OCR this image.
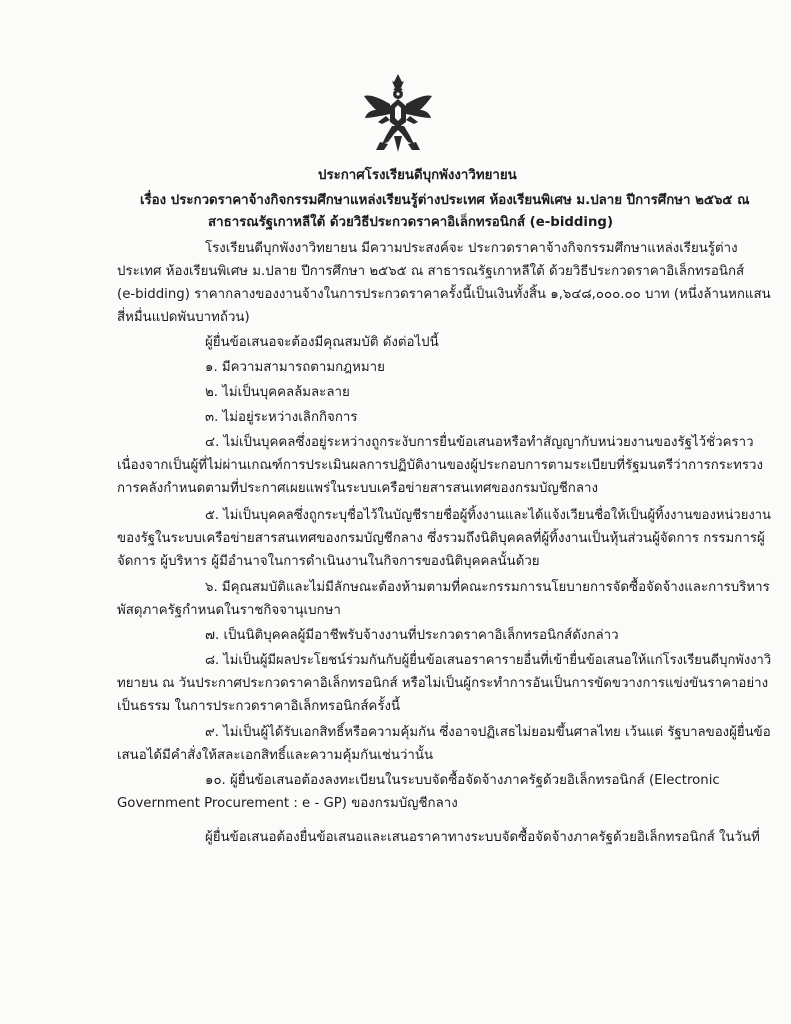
ประกาศโรงเรียนดีบุกพังงาวิทยายน
เรื่อง ประกวดราคาจ้างกิจกรรมศึกษาแหล่งเรียนรู้ต่างประเทศ ห้องเรียนพิเศษ ม.ปลาย ปีการศึกษา ๒๕๖๕ ณ
สาธารณรัฐเกาหลีใต้ ด้วยวิธีประกวดราคาอิเล็กทรอนิกส์ (e-bidding)
โรงเรียนดีบุกพังงาวิทยายน มีความประสงค์จะ ประกวดราคาจ้างกิจกรรมศึกษาแหล่งเรียนรู้ต่าง
ประเทศ ห้องเรียนพิเศษ ม.ปลาย ปีการศึกษา ๒๕๖๕ ณ สาธารณรัฐเกาหลีใต้ ด้วยวิธีประกวดราคาอิเล็กทรอนิกส์
(e-bidding) ราคากลางของงานจ้างในการประกวดราคาครั้งนี้เป็นเงินทั้งสิ้น ๑,๖๔๘,๐๐๐.๐๐ บาท (หนึ่งล้านหกแสน
สี่หมื่นแปดพันบาทถ้วน)
ผู้ยื่นข้อเสนอจะต้องมีคุณสมบัติ ดังต่อไปนี้
๑. มีความสามารถตามกฎหมาย
๒. ไม่เป็นบุคคลล้มละลาย
๓. ไม่อยู่ระหว่างเลิกกิจการ
๔. ไม่เป็นบุคคลซึ่งอยู่ระหว่างถูกระงับการยื่นข้อเสนอหรือทำสัญญากับหน่วยงานของรัฐไว้ชั่วคราว
เนื่องจากเป็นผู้ที่ไม่ผ่านเกณฑ์การประเมินผลการปฏิบัติงานของผู้ประกอบการตามระเบียบที่รัฐมนตรีว่าการกระทรวง
การคลังกำหนดตามที่ประกาศเผยแพร่ในระบบเครือข่ายสารสนเทศของกรมบัญชีกลาง
๕. ไม่เป็นบุคคลซึ่งถูกระบุชื่อไว้ในบัญชีรายชื่อผู้ทิ้งงานและได้แจ้งเวียนชื่อให้เป็นผู้ทิ้งงานของหน่วยงาน
ของรัฐในระบบเครือข่ายสารสนเทศของกรมบัญชีกลาง ซึ่งรวมถึงนิติบุคคลที่ผู้ทิ้งงานเป็นหุ้นส่วนผู้จัดการ กรรมการผู้
จัดการ ผู้บริหาร ผู้มีอำนาจในการดำเนินงานในกิจการของนิติบุคคลนั้นด้วย
๖. มีคุณสมบัติและไม่มีลักษณะต้องห้ามตามที่คณะกรรมการนโยบายการจัดซื้อจัดจ้างและการบริหาร
พัสดุภาครัฐกำหนดในราชกิจจานุเบกษา
๗. เป็นนิติบุคคลผู้มีอาชีพรับจ้างงานที่ประกวดราคาอิเล็กทรอนิกส์ดังกล่าว
๘. ไม่เป็นผู้มีผลประโยชน์ร่วมกันกับผู้ยื่นข้อเสนอราคารายอื่นที่เข้ายื่นข้อเสนอให้แก่โรงเรียนดีบุกพังงาวิ
ทยายน ณ วันประกาศประกวดราคาอิเล็กทรอนิกส์ หรือไม่เป็นผู้กระทำการอันเป็นการขัดขวางการแข่งขันราคาอย่าง
เป็นธรรม ในการประกวดราคาอิเล็กทรอนิกส์ครั้งนี้
๙. ไม่เป็นผู้ได้รับเอกสิทธิ์หรือความคุ้มกัน ซึ่งอาจปฏิเสธไม่ยอมขึ้นศาลไทย เว้นแต่ รัฐบาลของผู้ยื่นข้อ
เสนอได้มีคำสั่งให้สละเอกสิทธิ์และความคุ้มกันเช่นว่านั้น
๑๐. ผู้ยื่นข้อเสนอต้องลงทะเบียนในระบบจัดซื้อจัดจ้างภาครัฐด้วยอิเล็กทรอนิกส์ (Electronic
Government Procurement : e - GP) ของกรมบัญชีกลาง
ผู้ยื่นข้อเสนอต้องยื่นข้อเสนอและเสนอราคาทางระบบจัดซื้อจัดจ้างภาครัฐด้วยอิเล็กทรอนิกส์ ในวันที่
